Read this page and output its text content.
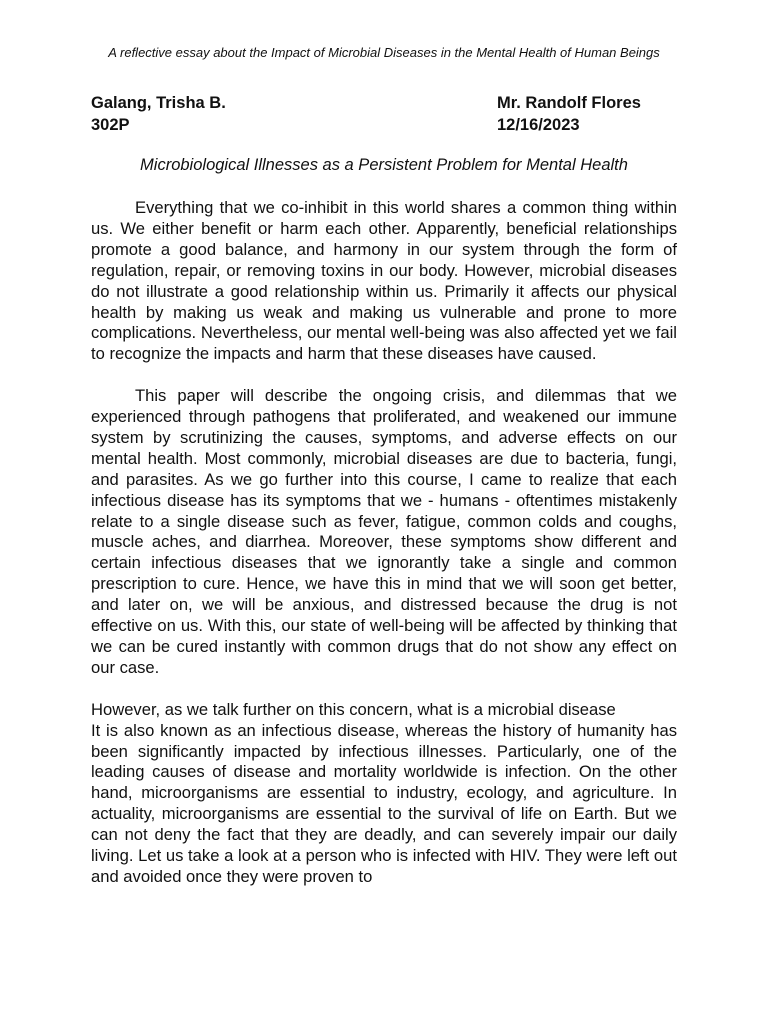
A reflective essay about the Impact of Microbial Diseases in the Mental Health of Human Beings
Galang, Trisha B.
302P
Mr. Randolf Flores
12/16/2023
Microbiological Illnesses as a Persistent Problem for Mental Health

Everything that we co-inhibit in this world shares a common thing within us. We either benefit or harm each other. Apparently, beneficial relationships promote a good balance, and harmony in our system through the form of regulation, repair, or removing toxins in our body. However, microbial diseases do not illustrate a good relationship within us. Primarily it affects our physical health by making us weak and making us vulnerable and prone to more complications. Nevertheless, our mental well-being was also affected yet we fail to recognize the impacts and harm that these diseases have caused.

This paper will describe the ongoing crisis, and dilemmas that we experienced through pathogens that proliferated, and weakened our immune system by scrutinizing the causes, symptoms, and adverse effects on our mental health. Most commonly, microbial diseases are due to bacteria, fungi, and parasites. As we go further into this course, I came to realize that each infectious disease has its symptoms that we - humans - oftentimes mistakenly relate to a single disease such as fever, fatigue, common colds and coughs, muscle aches, and diarrhea. Moreover, these symptoms show different and certain infectious diseases that we ignorantly take a single and common prescription to cure. Hence, we have this in mind that we will soon get better, and later on, we will be anxious, and distressed because the drug is not effective on us. With this, our state of well-being will be affected by thinking that we can be cured instantly with common drugs that do not show any effect on our case.

However, as we talk further on this concern, what is a microbial disease
It is also known as an infectious disease, whereas the history of humanity has been significantly impacted by infectious illnesses. Particularly, one of the leading causes of disease and mortality worldwide is infection. On the other hand, microorganisms are essential to industry, ecology, and agriculture. In actuality, microorganisms are essential to the survival of life on Earth. But we can not deny the fact that they are deadly, and can severely impair our daily living. Let us take a look at a person who is infected with HIV. They were left out and avoided once they were proven to
